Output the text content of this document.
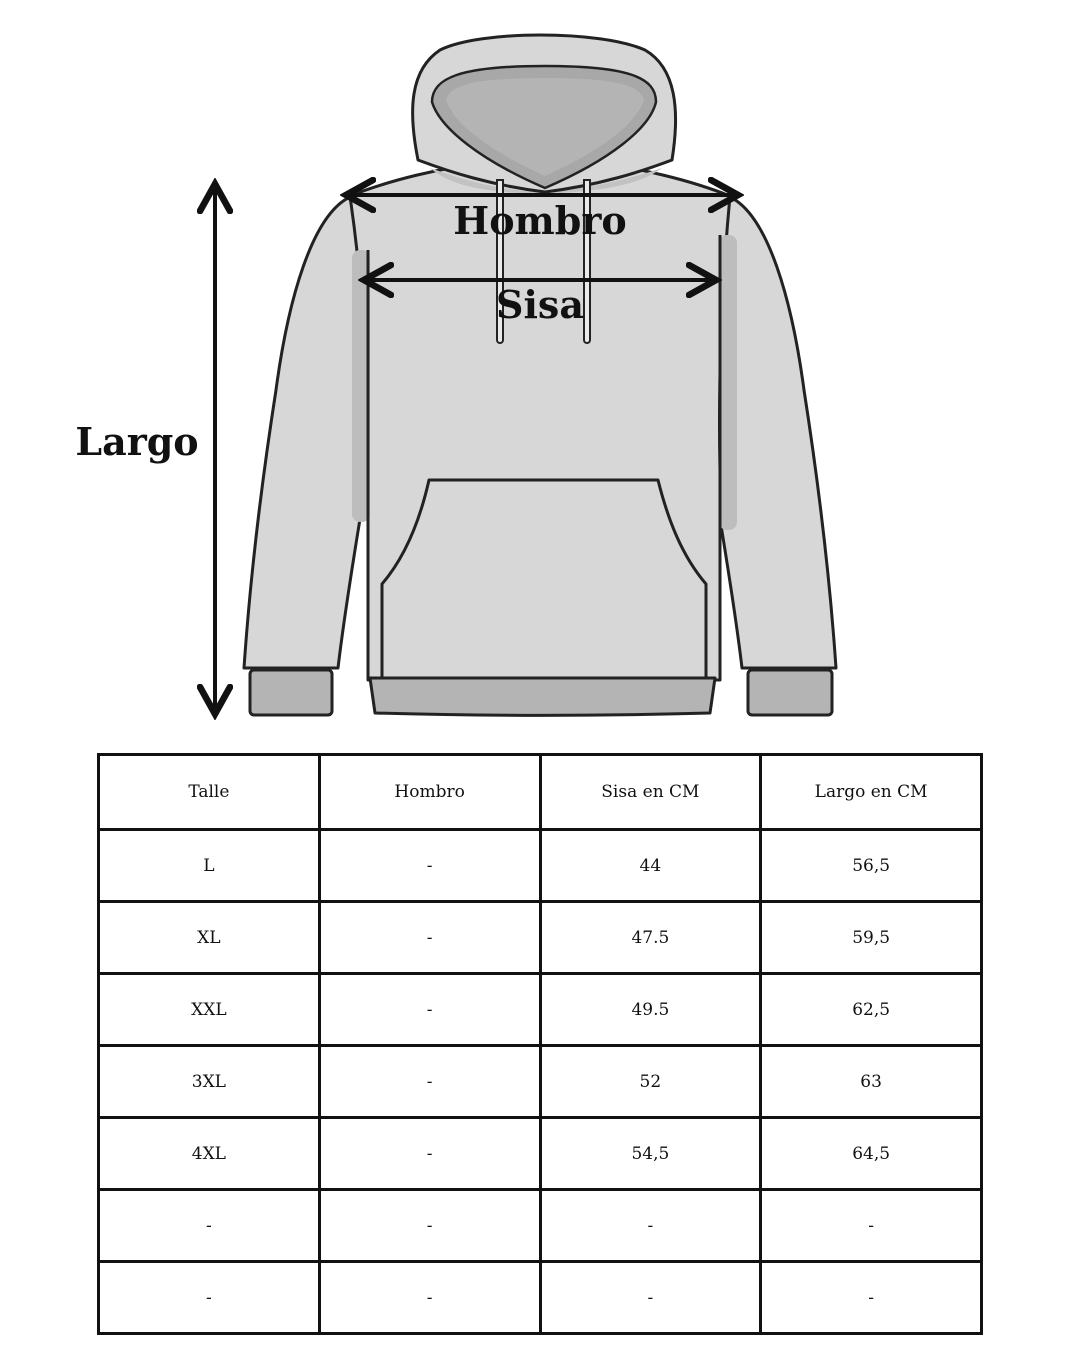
Hombro
Sisa
Largo
Talle	Hombro	Sisa en CM	Largo en CM
L	-	44	56,5
XL	-	47.5	59,5
XXL	-	49.5	62,5
3XL	-	52	63
4XL	-	54,5	64,5
-	-	-	-
-	-	-	-
